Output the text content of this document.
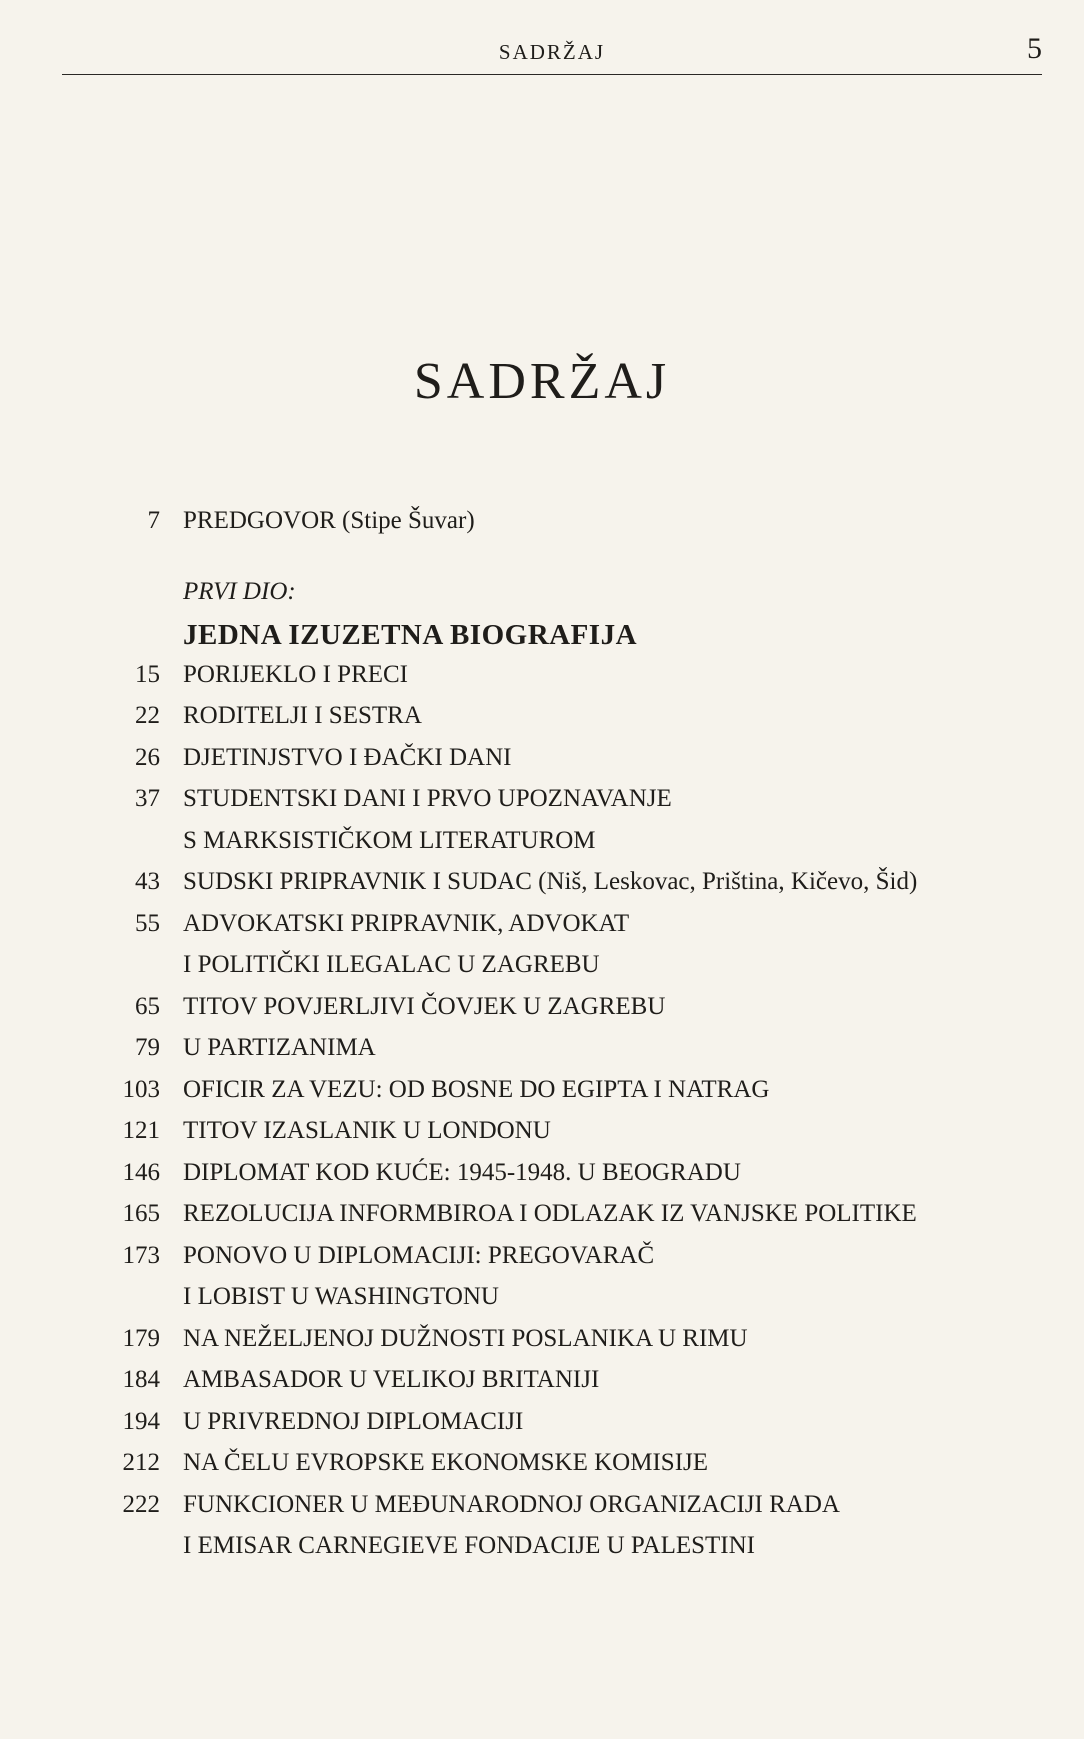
SADRŽAJ	5
SADRŽAJ
7 PREDGOVOR (Stipe Šuvar)
PRVI DIO:
JEDNA IZUZETNA BIOGRAFIJA
15 PORIJEKLO I PRECI
22 RODITELJI I SESTRA
26 DJETINJSTVO I ĐAČKI DANI
37 STUDENTSKI DANI I PRVO UPOZNAVANJE
S MARKSISTIČKOM LITERATUROM
43 SUDSKI PRIPRAVNIK I SUDAC (Niš, Leskovac, Priština, Kičevo, Šid)
55 ADVOKATSKI PRIPRAVNIK, ADVOKAT
I POLITIČKI ILEGALAC U ZAGREBU
65 TITOV POVJERLJIVI ČOVJEK U ZAGREBU
79 U PARTIZANIMA
103 OFICIR ZA VEZU: OD BOSNE DO EGIPTA I NATRAG
121 TITOV IZASLANIK U LONDONU
146 DIPLOMAT KOD KUĆE: 1945-1948. U BEOGRADU
165 REZOLUCIJA INFORMBIROA I ODLAZAK IZ VANJSKE POLITIKE
173 PONOVO U DIPLOMACIJI: PREGOVARAČ
I LOBIST U WASHINGTONU
179 NA NEŽELJENOJ DUŽNOSTI POSLANIKA U RIMU
184 AMBASADOR U VELIKOJ BRITANIJI
194 U PRIVREDNOJ DIPLOMACIJI
212 NA ČELU EVROPSKE EKONOMSKE KOMISIJE
222 FUNKCIONER U MEĐUNARODNOJ ORGANIZACIJI RADA
I EMISAR CARNEGIEVE FONDACIJE U PALESTINI
